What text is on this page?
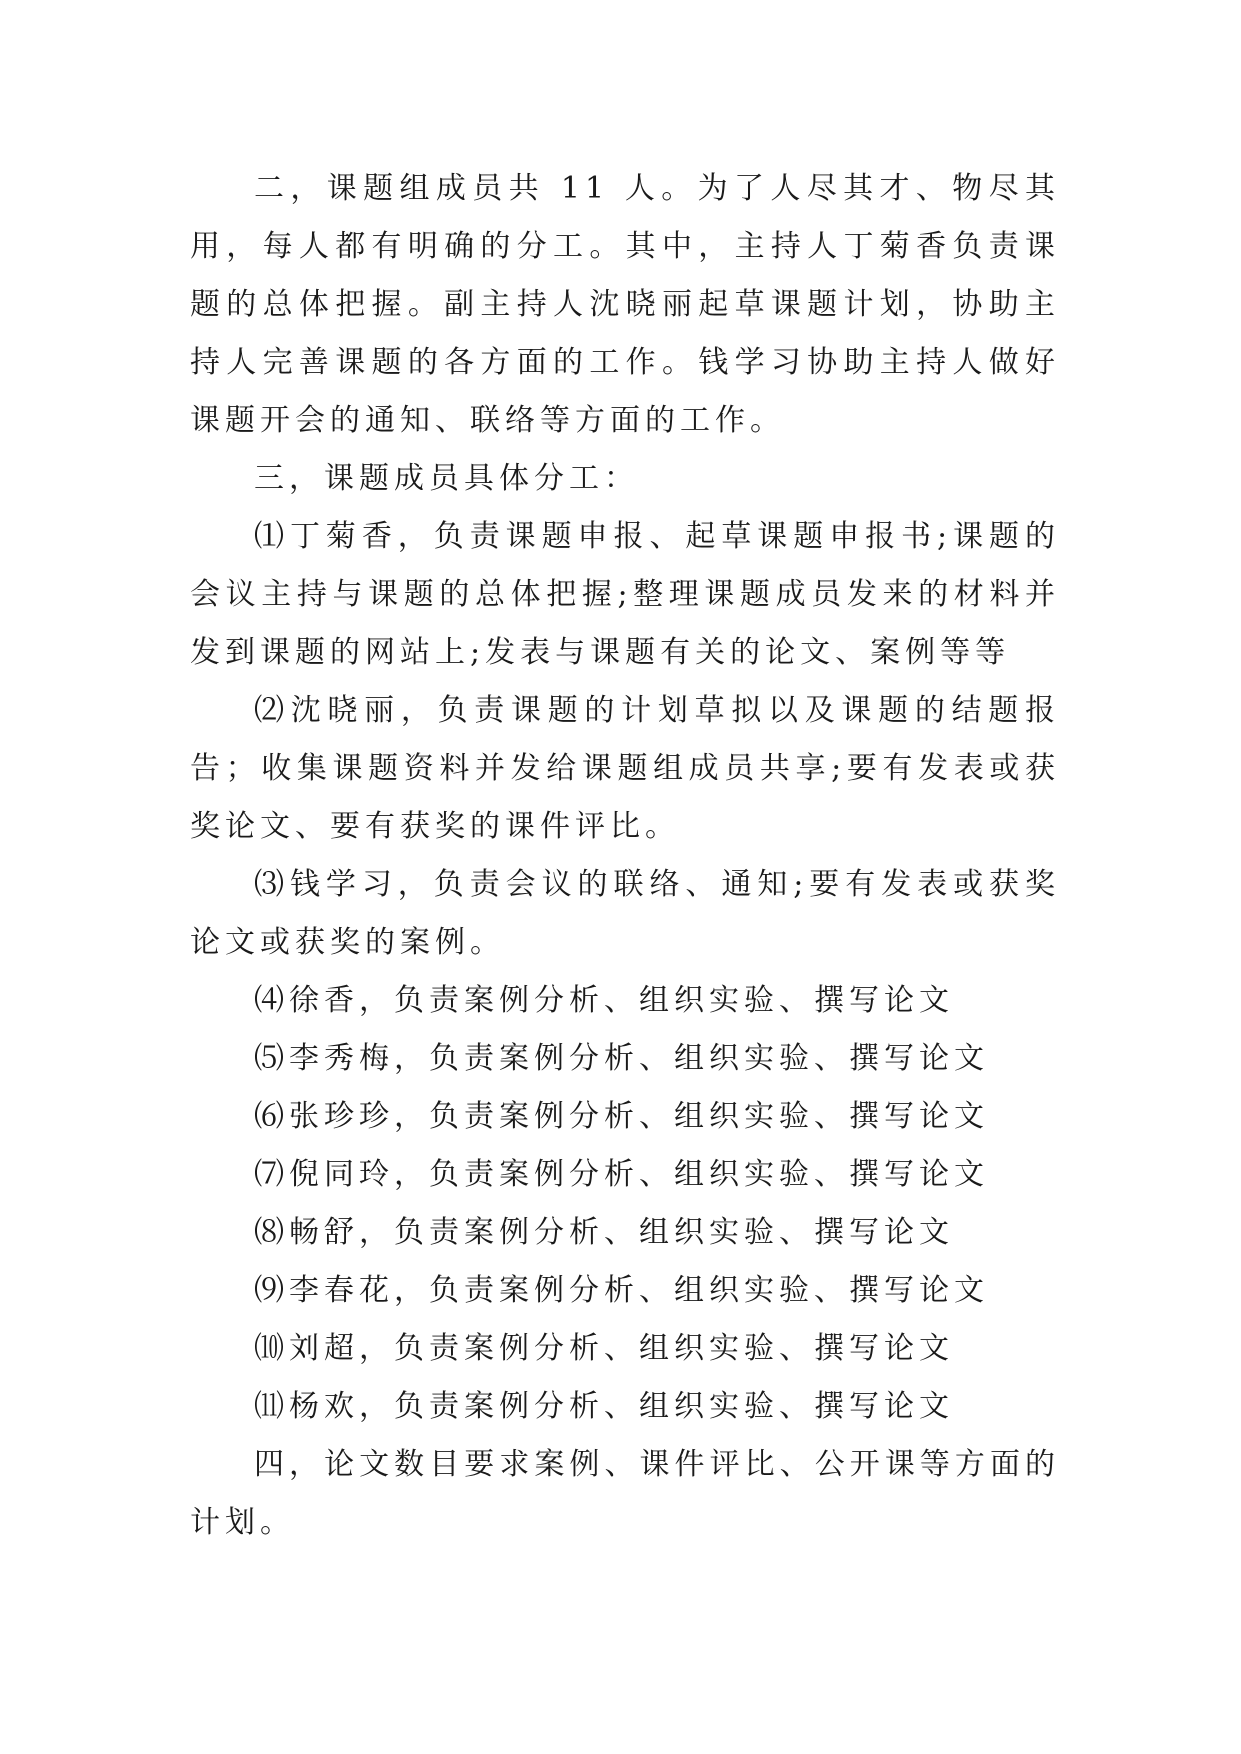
二，课题组成员共 11 人。为了人尽其才、物尽其用，每人都有明确的分工。其中，主持人丁菊香负责课题的总体把握。副主持人沈晓丽起草课题计划，协助主持人完善课题的各方面的工作。钱学习协助主持人做好课题开会的通知、联络等方面的工作。

三，课题成员具体分工：

⑴丁菊香，负责课题申报、起草课题申报书;课题的会议主持与课题的总体把握;整理课题成员发来的材料并发到课题的网站上;发表与课题有关的论文、案例等等

⑵沈晓丽，负责课题的计划草拟以及课题的结题报告；收集课题资料并发给课题组成员共享;要有发表或获奖论文、要有获奖的课件评比。

⑶钱学习，负责会议的联络、通知;要有发表或获奖论文或获奖的案例。

⑷徐香，负责案例分析、组织实验、撰写论文

⑸李秀梅，负责案例分析、组织实验、撰写论文

⑹张珍珍，负责案例分析、组织实验、撰写论文

⑺倪同玲，负责案例分析、组织实验、撰写论文

⑻畅舒，负责案例分析、组织实验、撰写论文

⑼李春花，负责案例分析、组织实验、撰写论文

⑽刘超，负责案例分析、组织实验、撰写论文

⑾杨欢，负责案例分析、组织实验、撰写论文

四，论文数目要求案例、课件评比、公开课等方面的计划。
